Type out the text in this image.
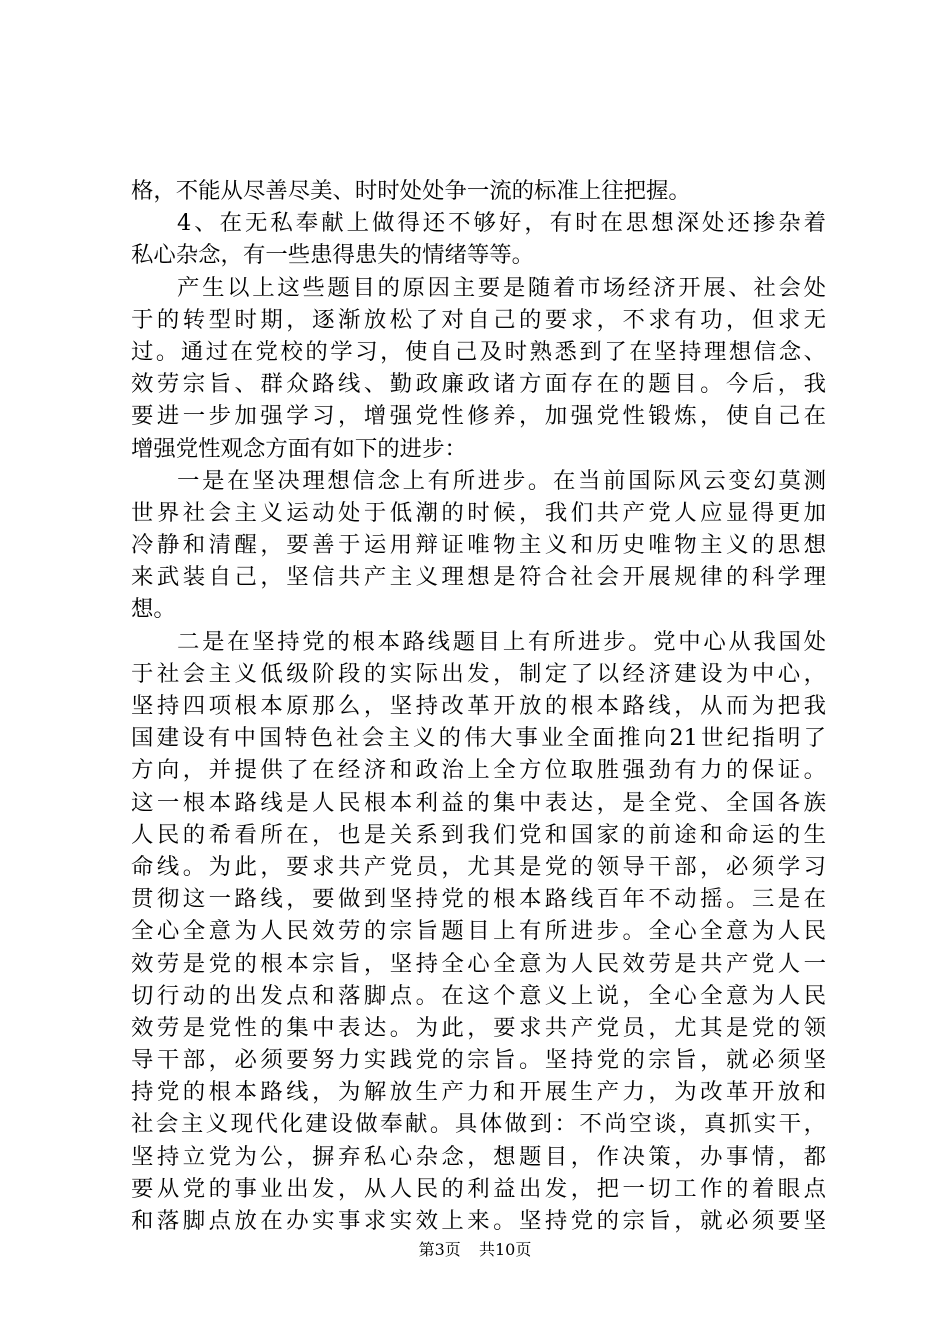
格，不能从尽善尽美、时时处处争一流的标准上往把握。
4、在无私奉献上做得还不够好，有时在思想深处还掺杂着
私心杂念，有一些患得患失的情绪等等。
产生以上这些题目的原因主要是随着市场经济开展、社会处
于的转型时期，逐渐放松了对自己的要求，不求有功，但求无
过。通过在党校的学习，使自己及时熟悉到了在坚持理想信念、
效劳宗旨、群众路线、勤政廉政诸方面存在的题目。今后，我
要进一步加强学习，增强党性修养，加强党性锻炼，使自己在
增强党性观念方面有如下的进步：
一是在坚决理想信念上有所进步。在当前国际风云变幻莫测
世界社会主义运动处于低潮的时候，我们共产党人应显得更加
冷静和清醒，要善于运用辩证唯物主义和历史唯物主义的思想
来武装自己，坚信共产主义理想是符合社会开展规律的科学理
想。
二是在坚持党的根本路线题目上有所进步。党中心从我国处
于社会主义低级阶段的实际出发，制定了以经济建设为中心，
坚持四项根本原那么，坚持改革开放的根本路线，从而为把我
国建设有中国特色社会主义的伟大事业全面推向21世纪指明了
方向，并提供了在经济和政治上全方位取胜强劲有力的保证。
这一根本路线是人民根本利益的集中表达，是全党、全国各族
人民的希看所在，也是关系到我们党和国家的前途和命运的生
命线。为此，要求共产党员，尤其是党的领导干部，必须学习
贯彻这一路线，要做到坚持党的根本路线百年不动摇。三是在
全心全意为人民效劳的宗旨题目上有所进步。全心全意为人民
效劳是党的根本宗旨，坚持全心全意为人民效劳是共产党人一
切行动的出发点和落脚点。在这个意义上说，全心全意为人民
效劳是党性的集中表达。为此，要求共产党员，尤其是党的领
导干部，必须要努力实践党的宗旨。坚持党的宗旨，就必须坚
持党的根本路线，为解放生产力和开展生产力，为改革开放和
社会主义现代化建设做奉献。具体做到：不尚空谈，真抓实干，
坚持立党为公，摒弃私心杂念，想题目，作决策，办事情，都
要从党的事业出发，从人民的利益出发，把一切工作的着眼点
和落脚点放在办实事求实效上来。坚持党的宗旨，就必须要坚
第3页 共10页
